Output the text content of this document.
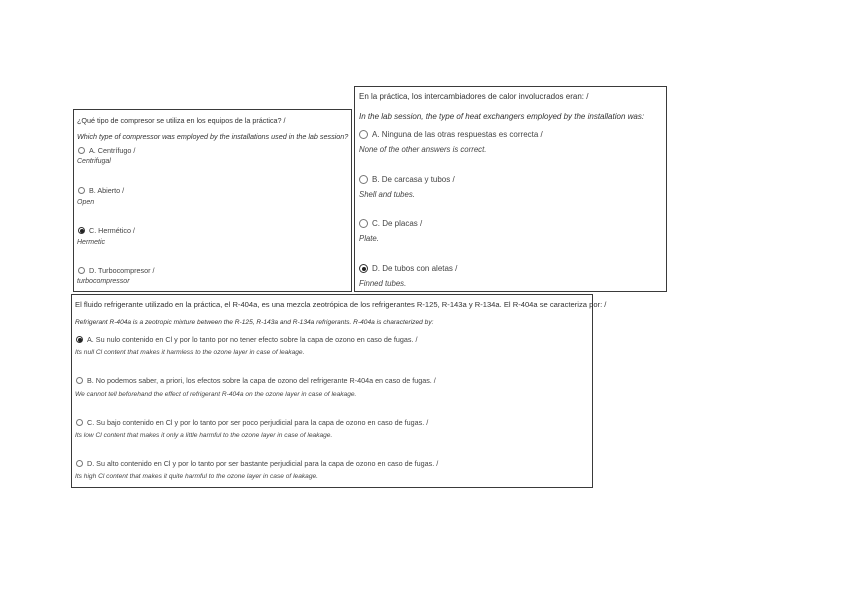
¿Qué tipo de compresor se utiliza en los equipos de la práctica? /
Which type of compressor was employed by the installations used in the lab session?
A. Centrífugo /
Centrifugal
B. Abierto /
Open
C. Hermético /
Hermetic
D. Turbocompresor /
turbocompressor
En la práctica, los intercambiadores de calor involucrados eran: /
In the lab session, the type of heat exchangers employed by the installation was:
A. Ninguna de las otras respuestas es correcta /
None of the other answers is correct.
B. De carcasa y tubos /
Shell and tubes.
C. De placas /
Plate.
D. De tubos con aletas /
Finned tubes.
El fluido refrigerante utilizado en la práctica, el R-404a, es una mezcla zeotrópica de los refrigerantes R-125, R-143a y R-134a. El R-404a se caracteriza por: /
Refrigerant R-404a is a zeotropic mixture between the R-125, R-143a and R-134a refrigerants. R-404a is characterized by:
A. Su nulo contenido en Cl y por lo tanto por no tener efecto sobre la capa de ozono en caso de fugas. /
Its null Cl content that makes it harmless to the ozone layer in case of leakage.
B. No podemos saber, a priori, los efectos sobre la capa de ozono del refrigerante R-404a en caso de fugas. /
We cannot tell beforehand the effect of refrigerant R-404a on the ozone layer in case of leakage.
C. Su bajo contenido en Cl y por lo tanto por ser poco perjudicial para la capa de ozono en caso de fugas. /
Its low Cl content that makes it only a little harmful to the ozone layer in case of leakage.
D. Su alto contenido en Cl y por lo tanto por ser bastante perjudicial para la capa de ozono en caso de fugas. /
Its high Cl content that makes it quite harmful to the ozone layer in case of leakage.
